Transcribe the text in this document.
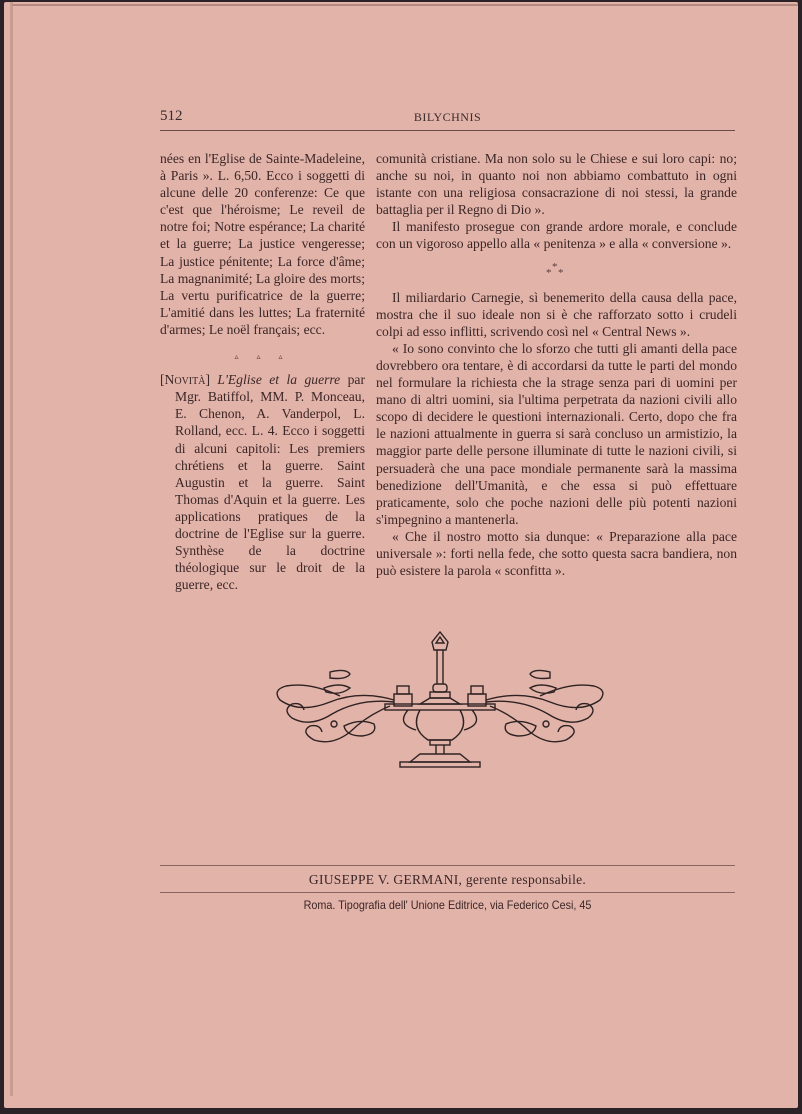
512	BILYCHNIS

nées en l'Eglise de Sainte-Madeleine, à Paris ». L. 6,50. Ecco i soggetti di alcune delle 20 conferenze: Ce que c'est que l'héroisme; Le reveil de notre foi; Notre espérance; La charité et la guerre; La justice vengeresse; La justice pénitente; La force d'âme; La magnanimité; La gloire des morts; La vertu purificatrice de la guerre; L'amitié dans les luttes; La fraternité d'armes; Le noël français; ecc.

▵ ▵ ▵

[Novità] L'Eglise et la guerre par Mgr. Batiffol, MM. P. Monceau, E. Chenon, A. Vanderpol, L. Rolland, ecc. L. 4. Ecco i soggetti di alcuni capitoli: Les premiers chrétiens et la guerre. Saint Augustin et la guerre. Saint Thomas d'Aquin et la guerre. Les applications pratiques de la doctrine de l'Eglise sur la guerre. Synthèse de la doctrine théologique sur le droit de la guerre, ecc.

comunità cristiane. Ma non solo su le Chiese e sui loro capi: no; anche su noi, in quanto noi non abbiamo combattuto in ogni istante con una religiosa consacrazione di noi stessi, la grande battaglia per il Regno di Dio ».

Il manifesto prosegue con grande ardore morale, e conclude con un vigoroso appello alla « penitenza » e alla « conversione ».

* * *

Il miliardario Carnegie, sì benemerito della causa della pace, mostra che il suo ideale non si è che rafforzato sotto i crudeli colpi ad esso inflitti, scrivendo così nel « Central News ».

« Io sono convinto che lo sforzo che tutti gli amanti della pace dovrebbero ora tentare, è di accordarsi da tutte le parti del mondo nel formulare la richiesta che la strage senza pari di uomini per mano di altri uomini, sia l'ultima perpetrata da nazioni civili allo scopo di decidere le questioni internazionali. Certo, dopo che fra le nazioni attualmente in guerra si sarà concluso un armistizio, la maggior parte delle persone illuminate di tutte le nazioni civili, si persuaderà che una pace mondiale permanente sarà la massima benedizione dell'Umanità, e che essa si può effettuare praticamente, solo che poche nazioni delle più potenti nazioni s'impegnino a mantenerla.

« Che il nostro motto sia dunque: « Preparazione alla pace universale »: forti nella fede, che sotto questa sacra bandiera, non può esistere la parola « sconfitta ».

GIUSEPPE V. GERMANI, gerente responsabile.
Roma. Tipografia dell' Unione Editrice, via Federico Cesi, 45
